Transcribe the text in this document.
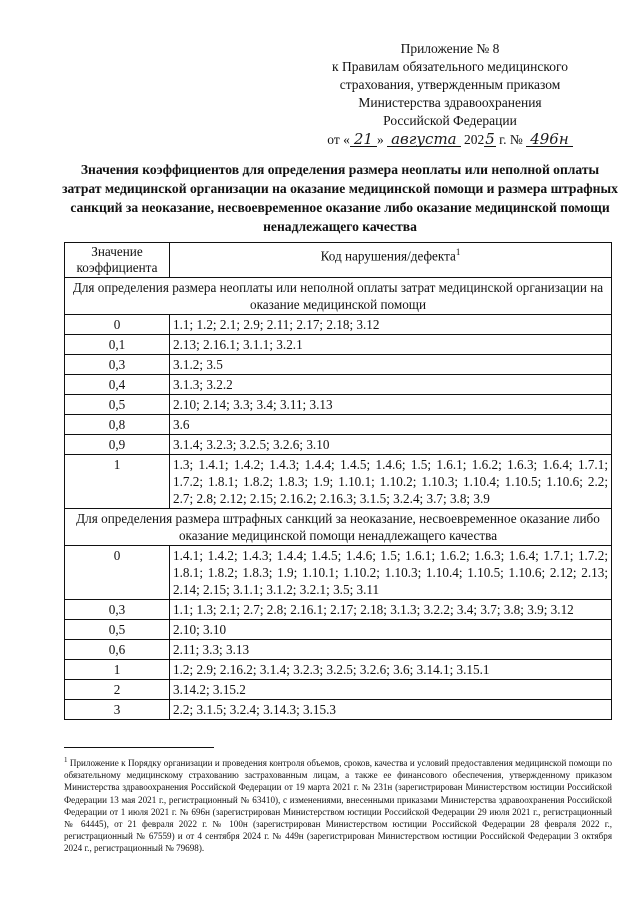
Приложение № 8
к Правилам обязательного медицинского
страхования, утвержденным приказом
Министерства здравоохранения
Российской Федерации
от « 21 » августа 2025 г. № 496н
Значения коэффициентов для определения размера неоплаты или неполной оплаты затрат медицинской организации на оказание медицинской помощи и размера штрафных санкций за неоказание, несвоевременное оказание либо оказание медицинской помощи ненадлежащего качества
Значение коэффициента	Код нарушения/дефекта$^1$
Для определения размера неоплаты или неполной оплаты затрат медицинской организации на оказание медицинской помощи	
0	1.1; 1.2; 2.1; 2.9; 2.11; 2.17; 2.18; 3.12
0,1	2.13; 2.16.1; 3.1.1; 3.2.1
0,3	3.1.2; 3.5
0,4	3.1.3; 3.2.2
0,5	2.10; 2.14; 3.3; 3.4; 3.11; 3.13
0,8	3.6
0,9	3.1.4; 3.2.3; 3.2.5; 3.2.6; 3.10
1	1.3; 1.4.1; 1.4.2; 1.4.3; 1.4.4; 1.4.5; 1.4.6; 1.5; 1.6.1; 1.6.2; 1.6.3; 1.6.4; 1.7.1; 1.7.2; 1.8.1; 1.8.2; 1.8.3; 1.9; 1.10.1; 1.10.2; 1.10.3; 1.10.4; 1.10.5; 1.10.6; 2.2; 2.7; 2.8; 2.12; 2.15; 2.16.2; 2.16.3; 3.1.5; 3.2.4; 3.7; 3.8; 3.9
Для определения размера штрафных санкций за неоказание, несвоевременное оказание либо оказание медицинской помощи ненадлежащего качества	
0	1.4.1; 1.4.2; 1.4.3; 1.4.4; 1.4.5; 1.4.6; 1.5; 1.6.1; 1.6.2; 1.6.3; 1.6.4; 1.7.1; 1.7.2; 1.8.1; 1.8.2; 1.8.3; 1.9; 1.10.1; 1.10.2; 1.10.3; 1.10.4; 1.10.5; 1.10.6; 2.12; 2.13; 2.14; 2.15; 3.1.1; 3.1.2; 3.2.1; 3.5; 3.11
0,3	1.1; 1.3; 2.1; 2.7; 2.8; 2.16.1; 2.17; 2.18; 3.1.3; 3.2.2; 3.4; 3.7; 3.8; 3.9; 3.12
0,5	2.10; 3.10
0,6	2.11; 3.3; 3.13
1	1.2; 2.9; 2.16.2; 3.1.4; 3.2.3; 3.2.5; 3.2.6; 3.6; 3.14.1; 3.15.1
2	3.14.2; 3.15.2
3	2.2; 3.1.5; 3.2.4; 3.14.3; 3.15.3
$^1$ Приложение к Порядку организации и проведения контроля объемов, сроков, качества и условий предоставления медицинской помощи по обязательному медицинскому страхованию застрахованным лицам, а также ее финансового обеспечения, утвержденному приказом Министерства здравоохранения Российской Федерации от 19 марта 2021 г. № 231н (зарегистрирован Министерством юстиции Российской Федерации 13 мая 2021 г., регистрационный № 63410), с изменениями, внесенными приказами Министерства здравоохранения Российской Федерации от 1 июля 2021 г. № 696н (зарегистрирован Министерством юстиции Российской Федерации 29 июля 2021 г., регистрационный № 64445), от 21 февраля 2022 г. № 100н (зарегистрирован Министерством юстиции Российской Федерации 28 февраля 2022 г., регистрационный № 67559) и от 4 сентября 2024 г. № 449н (зарегистрирован Министерством юстиции Российской Федерации 3 октября 2024 г., регистрационный № 79698).
